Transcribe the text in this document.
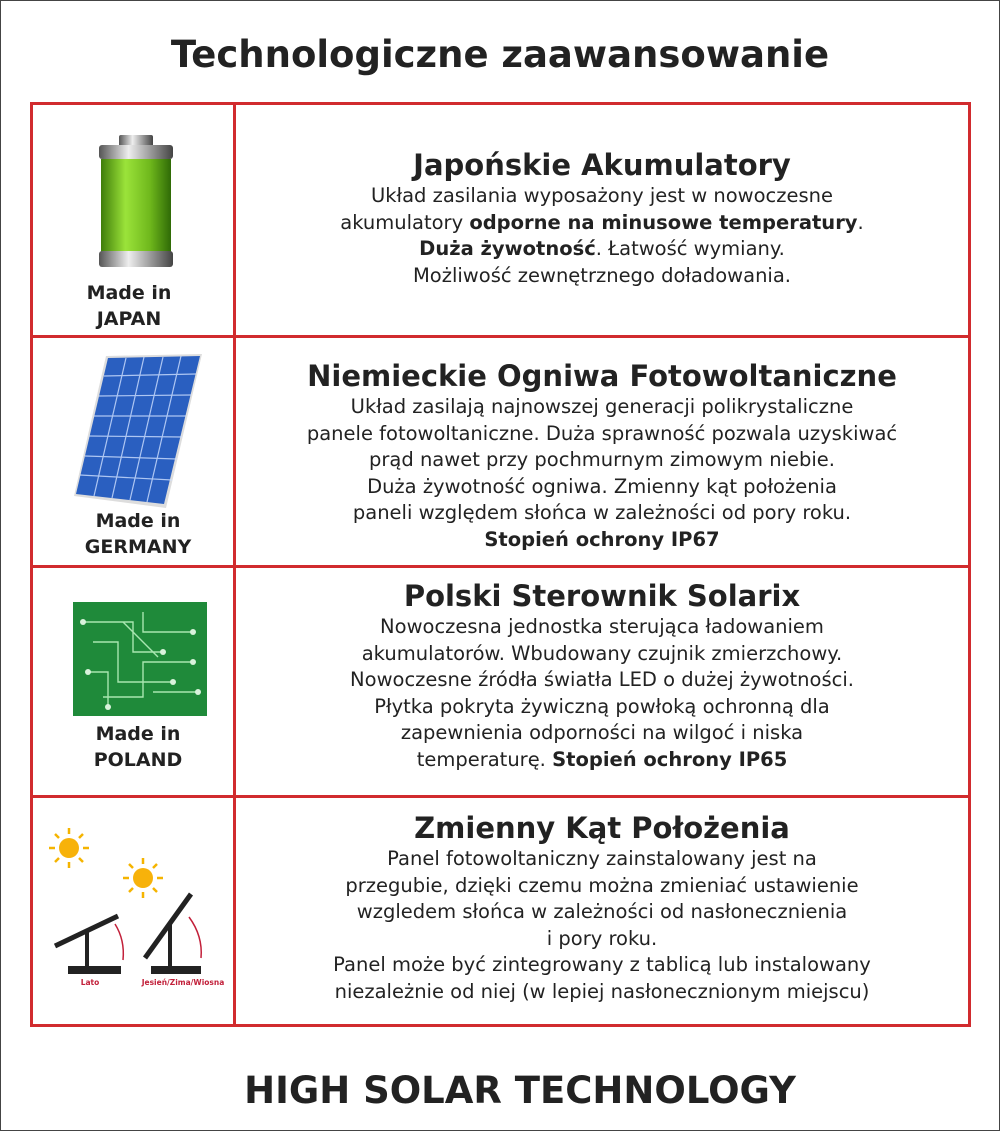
Technologiczne zaawansowanie
Made in
JAPAN
Japońskie Akumulatory
Układ zasilania wyposażony jest w nowoczesne
akumulatory odporne na minusowe temperatury.
Duża żywotność. Łatwość wymiany.
Możliwość zewnętrznego doładowania.
Made in
GERMANY
Niemieckie Ogniwa Fotowoltaniczne
Układ zasilają najnowszej generacji polikrystaliczne
panele fotowoltaniczne. Duża sprawność pozwala uzyskiwać
prąd nawet przy pochmurnym zimowym niebie.
Duża żywotność ogniwa. Zmienny kąt położenia
paneli względem słońca w zależności od pory roku.
Stopień ochrony IP67
Made in
POLAND
Polski Sterownik Solarix
Nowoczesna jednostka sterująca ładowaniem
akumulatorów. Wbudowany czujnik zmierzchowy.
Nowoczesne źródła światła LED o dużej żywotności.
Płytka pokryta żywiczną powłoką ochronną dla
zapewnienia odporności na wilgoć i niska
temperaturę. Stopień ochrony IP65
Lato	Jesień/Zima/Wiosna
Zmienny Kąt Położenia
Panel fotowoltaniczny zainstalowany jest na
przegubie, dzięki czemu można zmieniać ustawienie
wzgledem słońca w zależności od nasłonecznienia
i pory roku.
Panel może być zintegrowany z tablicą lub instalowany
niezależnie od niej (w lepiej nasłonecznionym miejscu)
HIGH SOLAR TECHNOLOGY
